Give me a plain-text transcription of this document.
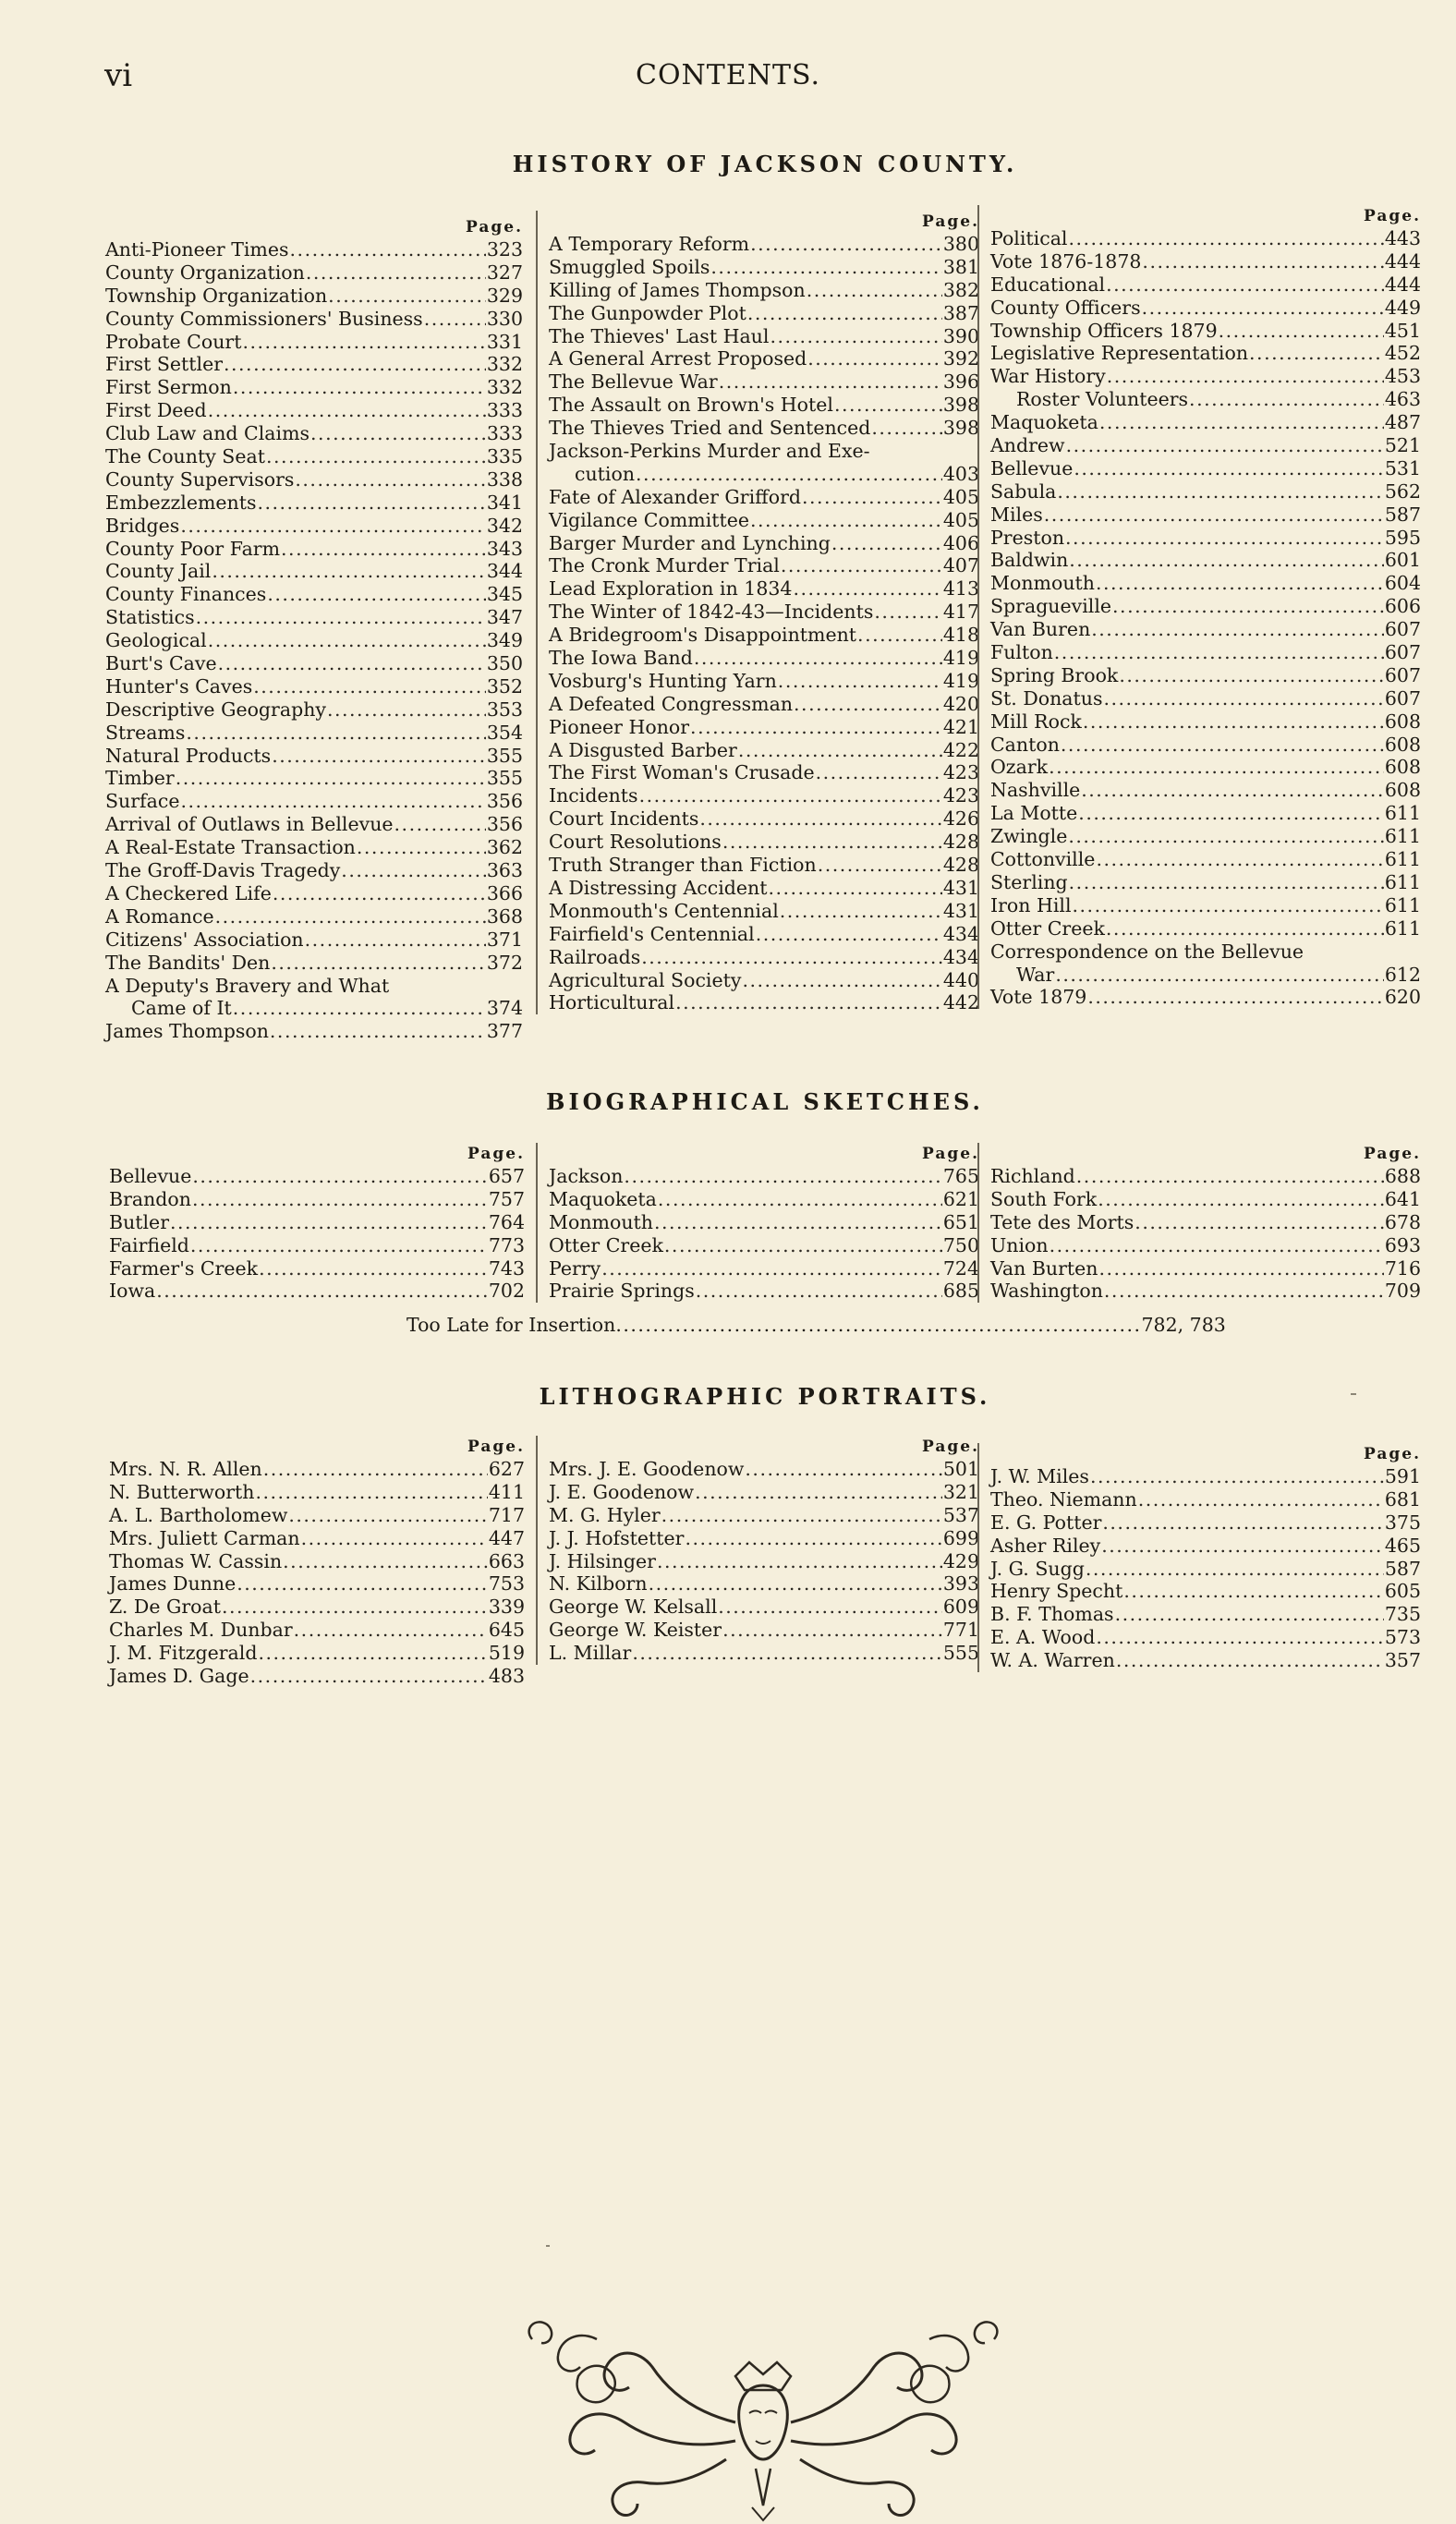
vi	CONTENTS.
HISTORY OF JACKSON COUNTY.
Page.
Anti-Pioneer Times .....	323
County Organization .....	327
Township Organization .....	329
County Commissioners' Business .....	330
Probate Court .....	331
First Settler .....	332
First Sermon .....	332
First Deed .....	333
Club Law and Claims .....	333
The County Seat .....	335
County Supervisors .....	338
Embezzlements .....	341
Bridges .....	342
County Poor Farm .....	343
County Jail .....	344
County Finances .....	345
Statistics .....	347
Geological .....	349
Burt's Cave .....	350
Hunter's Caves .....	352
Descriptive Geography .....	353
Streams .....	354
Natural Products .....	355
Timber .....	355
Surface .....	356
Arrival of Outlaws in Bellevue .....	356
A Real-Estate Transaction .....	362
The Groff-Davis Tragedy .....	363
A Checkered Life .....	366
A Romance .....	368
Citizens' Association .....	371
The Bandits' Den .....	372
A Deputy's Bravery and What
Came of It .....	374
James Thompson .....	377
Page.
A Temporary Reform .....	380
Smuggled Spoils .....	381
Killing of James Thompson .....	382
The Gunpowder Plot .....	387
The Thieves' Last Haul .....	390
A General Arrest Proposed .....	392
The Bellevue War .....	396
The Assault on Brown's Hotel .....	398
The Thieves Tried and Sentenced .....	398
Jackson-Perkins Murder and Exe-
cution .....	403
Fate of Alexander Grifford .....	405
Vigilance Committee .....	405
Barger Murder and Lynching .....	406
The Cronk Murder Trial .....	407
Lead Exploration in 1834 .....	413
The Winter of 1842-43—Incidents .....	417
A Bridegroom's Disappointment .....	418
The Iowa Band .....	419
Vosburg's Hunting Yarn .....	419
A Defeated Congressman .....	420
Pioneer Honor .....	421
A Disgusted Barber .....	422
The First Woman's Crusade .....	423
Incidents .....	423
Court Incidents .....	426
Court Resolutions .....	428
Truth Stranger than Fiction .....	428
A Distressing Accident .....	431
Monmouth's Centennial .....	431
Fairfield's Centennial .....	434
Railroads .....	434
Agricultural Society .....	440
Horticultural .....	442
Page.
Political .....	443
Vote 1876-1878 .....	444
Educational .....	444
County Officers .....	449
Township Officers 1879 .....	451
Legislative Representation .....	452
War History .....	453
Roster Volunteers .....	463
Maquoketa .....	487
Andrew .....	521
Bellevue .....	531
Sabula .....	562
Miles .....	587
Preston .....	595
Baldwin .....	601
Monmouth .....	604
Spragueville .....	606
Van Buren .....	607
Fulton .....	607
Spring Brook .....	607
St. Donatus .....	607
Mill Rock .....	608
Canton .....	608
Ozark .....	608
Nashville .....	608
La Motte .....	611
Zwingle .....	611
Cottonville .....	611
Sterling .....	611
Iron Hill .....	611
Otter Creek .....	611
Correspondence on the Bellevue
War .....	612
Vote 1879 .....	620
BIOGRAPHICAL SKETCHES.
Page.
Bellevue .....	657
Brandon .....	757
Butler .....	764
Fairfield .....	773
Farmer's Creek .....	743
Iowa .....	702
Page.
Jackson .....	765
Maquoketa .....	621
Monmouth .....	651
Otter Creek .....	750
Perry .....	724
Prairie Springs .....	685
Page.
Richland .....	688
South Fork .....	641
Tete des Morts .....	678
Union .....	693
Van Burten .....	716
Washington .....	709
Too Late for Insertion.......................................................................782, 783
LITHOGRAPHIC PORTRAITS.
Page.
Mrs. N. R. Allen .....	627
N. Butterworth .....	411
A. L. Bartholomew .....	717
Mrs. Juliett Carman .....	447
Thomas W. Cassin .....	663
James Dunne .....	753
Z. De Groat .....	339
Charles M. Dunbar .....	645
J. M. Fitzgerald .....	519
James D. Gage .....	483
Page.
Mrs. J. E. Goodenow .....	501
J. E. Goodenow .....	321
M. G. Hyler .....	537
J. J. Hofstetter .....	699
J. Hilsinger .....	429
N. Kilborn .....	393
George W. Kelsall .....	609
George W. Keister .....	771
L. Millar .....	555
Page.
J. W. Miles .....	591
Theo. Niemann .....	681
E. G. Potter .....	375
Asher Riley .....	465
J. G. Sugg .....	587
Henry Specht .....	605
B. F. Thomas .....	735
E. A. Wood .....	573
W. A. Warren .....	357
